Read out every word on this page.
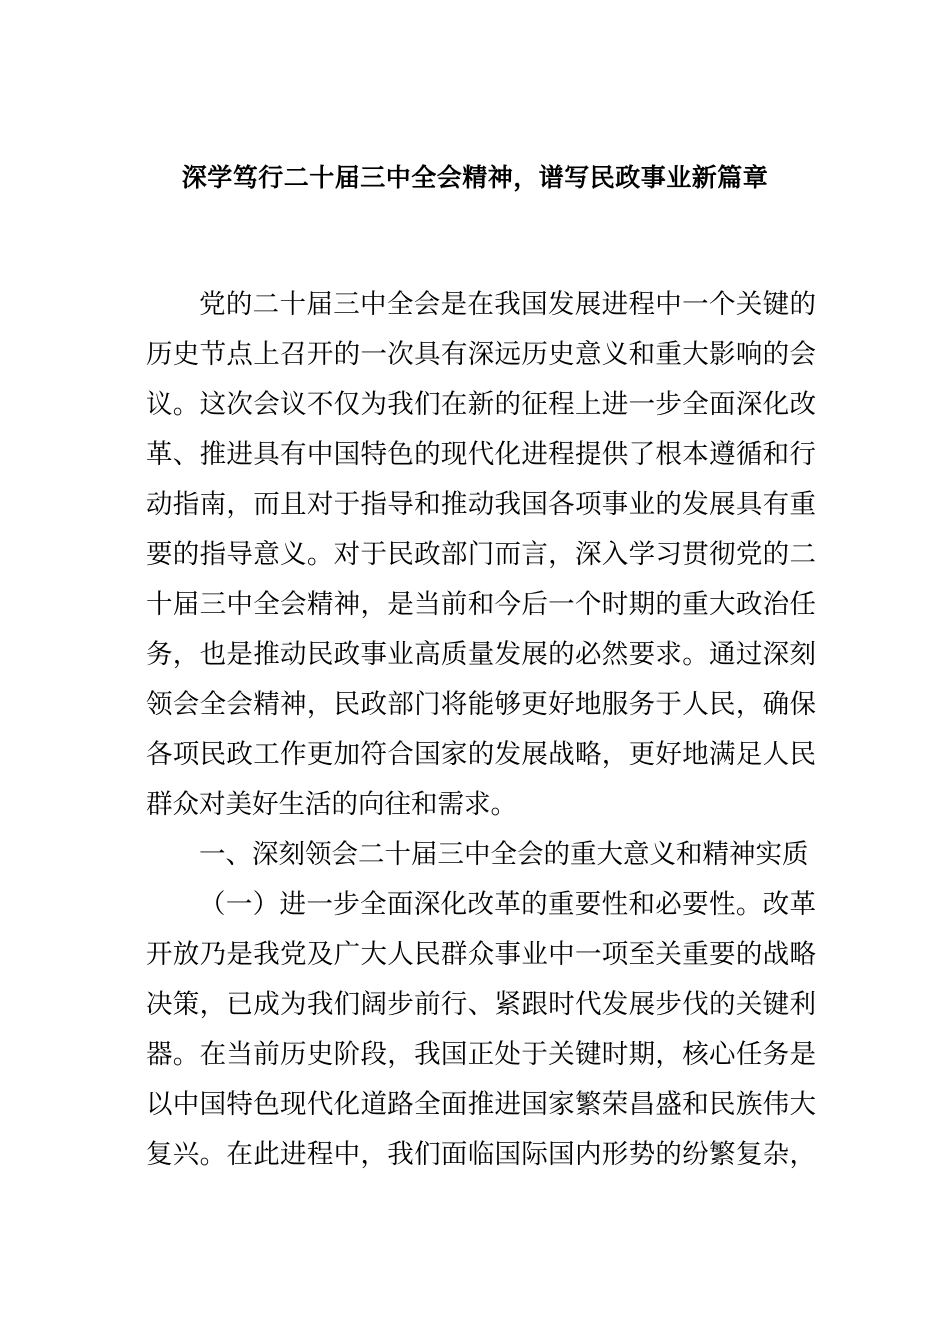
深学笃行二十届三中全会精神，谱写民政事业新篇章
党的二十届三中全会是在我国发展进程中一个关键的
历史节点上召开的一次具有深远历史意义和重大影响的会
议。这次会议不仅为我们在新的征程上进一步全面深化改
革、推进具有中国特色的现代化进程提供了根本遵循和行
动指南，而且对于指导和推动我国各项事业的发展具有重
要的指导意义。对于民政部门而言，深入学习贯彻党的二
十届三中全会精神，是当前和今后一个时期的重大政治任
务，也是推动民政事业高质量发展的必然要求。通过深刻
领会全会精神，民政部门将能够更好地服务于人民，确保
各项民政工作更加符合国家的发展战略，更好地满足人民
群众对美好生活的向往和需求。
一、深刻领会二十届三中全会的重大意义和精神实质
（一）进一步全面深化改革的重要性和必要性。改革
开放乃是我党及广大人民群众事业中一项至关重要的战略
决策，已成为我们阔步前行、紧跟时代发展步伐的关键利
器。在当前历史阶段，我国正处于关键时期，核心任务是
以中国特色现代化道路全面推进国家繁荣昌盛和民族伟大
复兴。在此进程中，我们面临国际国内形势的纷繁复杂，
